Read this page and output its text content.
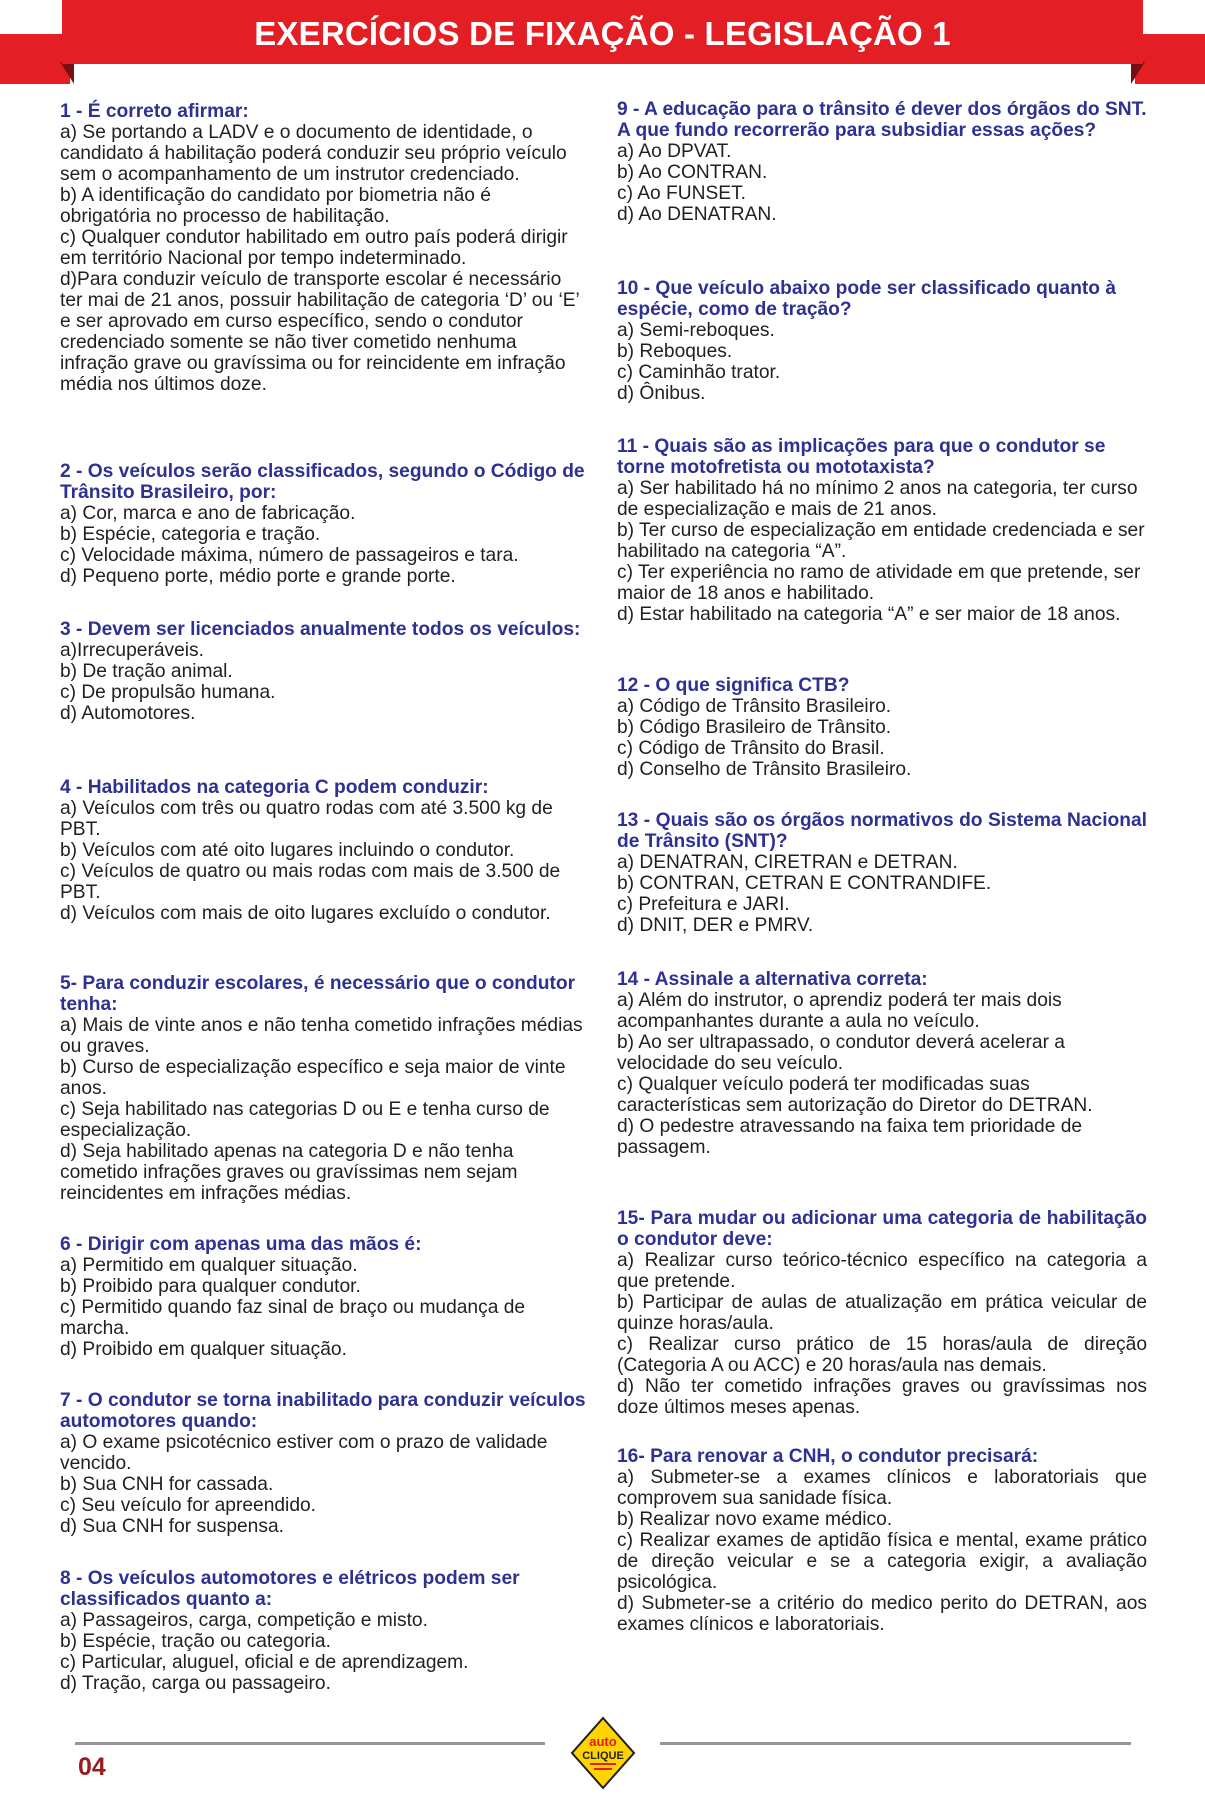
EXERCÍCIOS DE FIXAÇÃO - LEGISLAÇÃO 1
1 - É correto afirmar:
a) Se portando a LADV e o documento de identidade, o candidato á habilitação poderá conduzir seu próprio veículo sem o acompanhamento de um instrutor credenciado.
b) A identificação do candidato por biometria não é obrigatória no processo de habilitação.
c) Qualquer condutor habilitado em outro país poderá dirigir em território Nacional por tempo indeterminado.
d)Para conduzir veículo de transporte escolar é necessário ter mai de 21 anos, possuir habilitação de categoria ‘D’ ou ‘E’ e ser aprovado em curso específico, sendo o condutor credenciado somente se não tiver cometido nenhuma infração grave ou gravíssima ou for reincidente em infração média nos últimos doze.
2 - Os veículos serão classificados, segundo o Código de Trânsito Brasileiro, por:
a) Cor, marca e ano de fabricação.
b) Espécie, categoria e tração.
c) Velocidade máxima, número de passageiros e tara.
d) Pequeno porte, médio porte e grande porte.
3 - Devem ser licenciados anualmente todos os veículos:
a)Irrecuperáveis.
b) De tração animal.
c) De propulsão humana.
d) Automotores.
4 - Habilitados na categoria C podem conduzir:
a) Veículos com três ou quatro rodas com até 3.500 kg de PBT.
b) Veículos com até oito lugares incluindo o condutor.
c) Veículos de quatro ou mais rodas com mais de 3.500 de PBT.
d) Veículos com mais de oito lugares excluído o condutor.
5- Para conduzir escolares, é necessário que o condutor tenha:
a) Mais de vinte anos e não tenha cometido infrações médias ou graves.
b) Curso de especialização específico e seja maior de vinte anos.
c) Seja habilitado nas categorias D ou E e tenha curso de especialização.
d) Seja habilitado apenas na categoria D e não tenha cometido infrações graves ou gravíssimas nem sejam reincidentes em infrações médias.
6 - Dirigir com apenas uma das mãos é:
a) Permitido em qualquer situação.
b) Proibido para qualquer condutor.
c) Permitido quando faz sinal de braço ou mudança de marcha.
d) Proibido em qualquer situação.
7 - O condutor se torna inabilitado para conduzir veículos automotores quando:
a) O exame psicotécnico estiver com o prazo de validade vencido.
b) Sua CNH for cassada.
c) Seu veículo for apreendido.
d) Sua CNH for suspensa.
8 - Os veículos automotores e elétricos podem ser classificados quanto a:
a) Passageiros, carga, competição e misto.
b) Espécie, tração ou categoria.
c) Particular, aluguel, oficial e de aprendizagem.
d) Tração, carga ou passageiro.
9 - A educação para o trânsito é dever dos órgãos do SNT. A que fundo recorrerão para subsidiar essas ações?
a) Ao DPVAT.
b) Ao CONTRAN.
c) Ao FUNSET.
d) Ao DENATRAN.
10 - Que veículo abaixo pode ser classificado quanto à espécie, como de tração?
a) Semi-reboques.
b) Reboques.
c) Caminhão trator.
d) Ônibus.
11 - Quais são as implicações para que o condutor se torne motofretista ou mototaxista?
a) Ser habilitado há no mínimo 2 anos na categoria, ter curso de especialização e mais de 21 anos.
b) Ter curso de especialização em entidade credenciada e ser habilitado na categoria “A”.
c) Ter experiência no ramo de atividade em que pretende, ser maior de 18 anos e habilitado.
d) Estar habilitado na categoria “A” e ser maior de 18 anos.
12 - O que significa CTB?
a) Código de Trânsito Brasileiro.
b) Código Brasileiro de Trânsito.
c) Código de Trânsito do Brasil.
d) Conselho de Trânsito Brasileiro.
13 - Quais são os órgãos normativos do Sistema Nacional de Trânsito (SNT)?
a) DENATRAN, CIRETRAN e DETRAN.
b) CONTRAN, CETRAN E CONTRANDIFE.
c) Prefeitura e JARI.
d) DNIT, DER e PMRV.
14 - Assinale a alternativa correta:
a) Além do instrutor, o aprendiz poderá ter mais dois acompanhantes durante a aula no veículo.
b) Ao ser ultrapassado, o condutor deverá acelerar a velocidade do seu veículo.
c) Qualquer veículo poderá ter modificadas suas características sem autorização do Diretor do DETRAN.
d) O pedestre atravessando na faixa tem prioridade de passagem.
15- Para mudar ou adicionar uma categoria de habilitação o condutor deve:
a) Realizar curso teórico-técnico específico na categoria a que pretende.
b) Participar de aulas de atualização em prática veicular de quinze horas/aula.
c) Realizar curso prático de 15 horas/aula de direção (Categoria A ou ACC) e 20 horas/aula nas demais.
d) Não ter cometido infrações graves ou gravíssimas nos doze últimos meses apenas.
16- Para renovar a CNH, o condutor precisará:
a) Submeter-se a exames clínicos e laboratoriais que comprovem sua sanidade física.
b) Realizar novo exame médico.
c) Realizar exames de aptidão física e mental, exame prático de direção veicular e se a categoria exigir, a avaliação psicológica.
d) Submeter-se a critério do medico perito do DETRAN, aos exames clínicos e laboratoriais.
04
auto
CLIQUE
